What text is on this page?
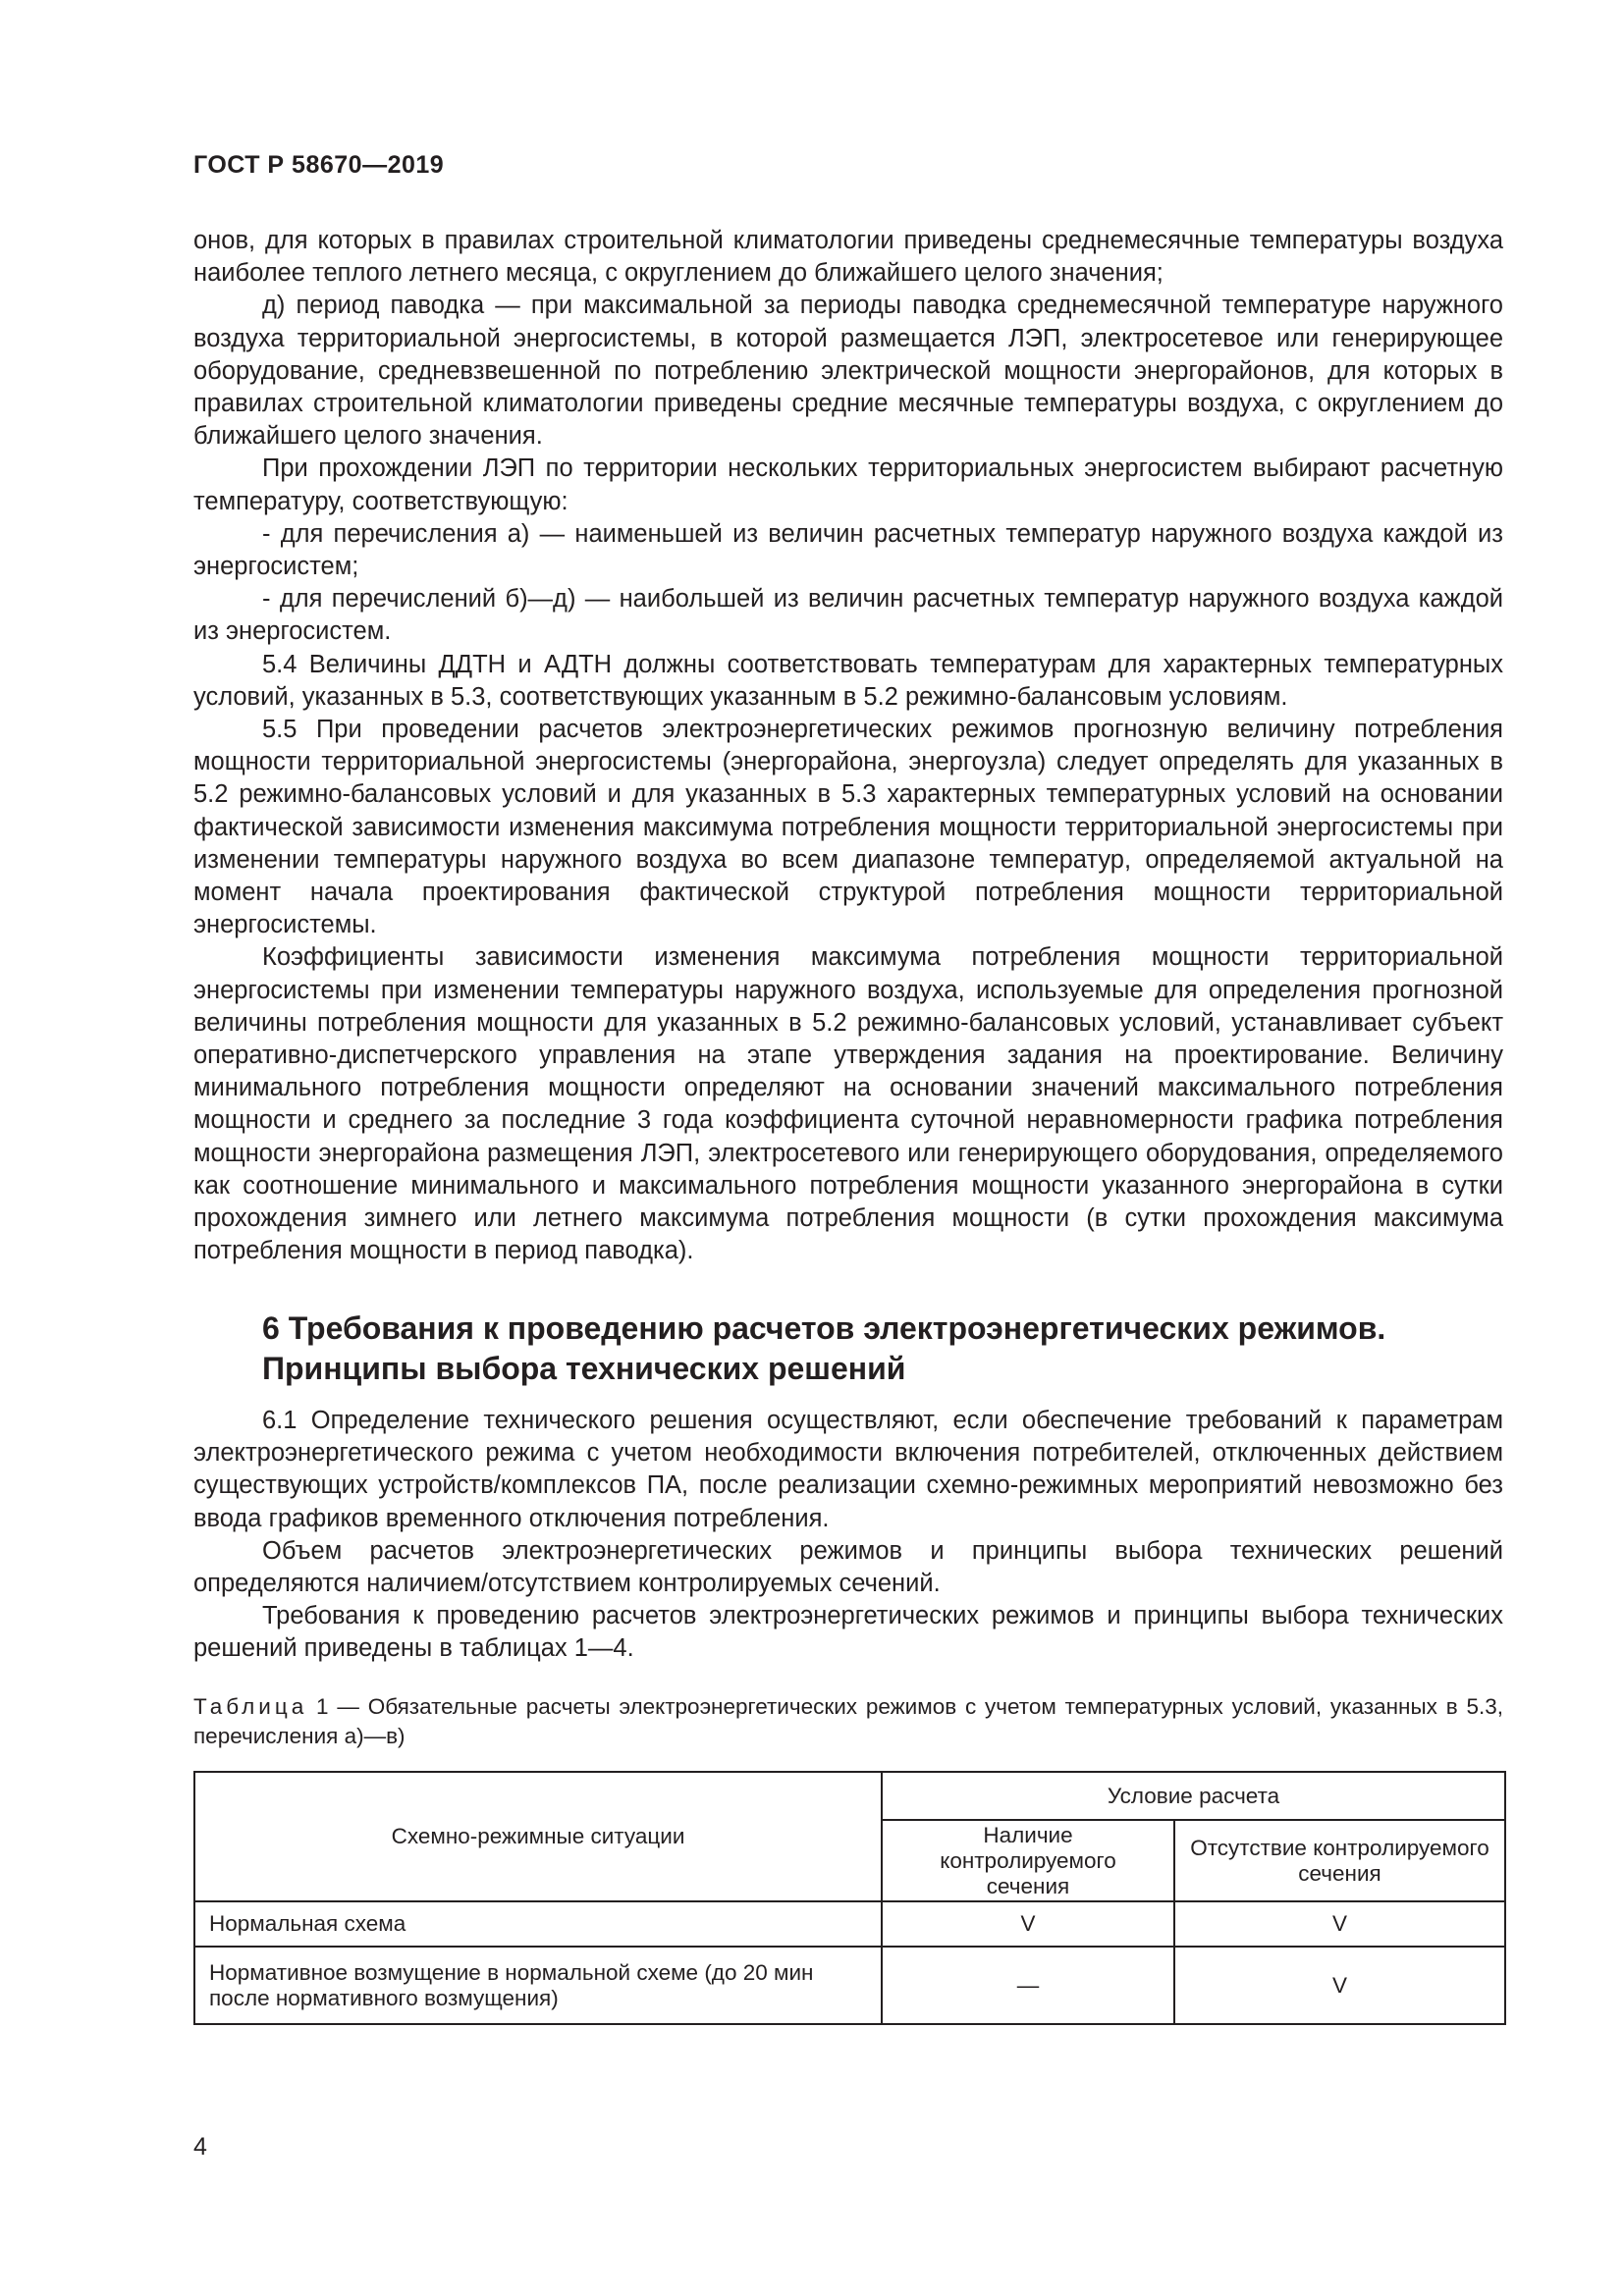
ГОСТ Р 58670—2019

онов, для которых в правилах строительной климатологии приведены среднемесячные температуры воздуха наиболее теплого летнего месяца, с округлением до ближайшего целого значения;

д) период паводка — при максимальной за периоды паводка среднемесячной температуре наружного воздуха территориальной энергосистемы, в которой размещается ЛЭП, электросетевое или генерирующее оборудование, средневзвешенной по потреблению электрической мощности энергорайонов, для которых в правилах строительной климатологии приведены средние месячные температуры воздуха, с округлением до ближайшего целого значения.

При прохождении ЛЭП по территории нескольких территориальных энергосистем выбирают расчетную температуру, соответствующую:

- для перечисления а) — наименьшей из величин расчетных температур наружного воздуха каждой из энергосистем;

- для перечислений б)—д) — наибольшей из величин расчетных температур наружного воздуха каждой из энергосистем.

5.4 Величины ДДТН и АДТН должны соответствовать температурам для характерных температурных условий, указанных в 5.3, соответствующих указанным в 5.2 режимно-балансовым условиям.

5.5 При проведении расчетов электроэнергетических режимов прогнозную величину потребления мощности территориальной энергосистемы (энергорайона, энергоузла) следует определять для указанных в 5.2 режимно-балансовых условий и для указанных в 5.3 характерных температурных условий на основании фактической зависимости изменения максимума потребления мощности территориальной энергосистемы при изменении температуры наружного воздуха во всем диапазоне температур, определяемой актуальной на момент начала проектирования фактической структурой потребления мощности территориальной энергосистемы.

Коэффициенты зависимости изменения максимума потребления мощности территориальной энергосистемы при изменении температуры наружного воздуха, используемые для определения прогнозной величины потребления мощности для указанных в 5.2 режимно-балансовых условий, устанавливает субъект оперативно-диспетчерского управления на этапе утверждения задания на проектирование. Величину минимального потребления мощности определяют на основании значений максимального потребления мощности и среднего за последние 3 года коэффициента суточной неравномерности графика потребления мощности энергорайона размещения ЛЭП, электросетевого или генерирующего оборудования, определяемого как соотношение минимального и максимального потребления мощности указанного энергорайона в сутки прохождения зимнего или летнего максимума потребления мощности (в сутки прохождения максимума потребления мощности в период паводка).

6 Требования к проведению расчетов электроэнергетических режимов. Принципы выбора технических решений

6.1 Определение технического решения осуществляют, если обеспечение требований к параметрам электроэнергетического режима с учетом необходимости включения потребителей, отключенных действием существующих устройств/комплексов ПА, после реализации схемно-режимных мероприятий невозможно без ввода графиков временного отключения потребления.

Объем расчетов электроэнергетических режимов и принципы выбора технических решений определяются наличием/отсутствием контролируемых сечений.

Требования к проведению расчетов электроэнергетических режимов и принципы выбора технических решений приведены в таблицах 1—4.

Таблица 1 — Обязательные расчеты электроэнергетических режимов с учетом температурных условий, указанных в 5.3, перечисления а)—в)
Схемно-режимные ситуации	Условие расчета	
	Наличие контролируемого сечения	Отсутствие контролируемого сечения
Нормальная схема	V	V
Нормативное возмущение в нормальной схеме (до 20 мин после нормативного возмущения)	—	V
4
